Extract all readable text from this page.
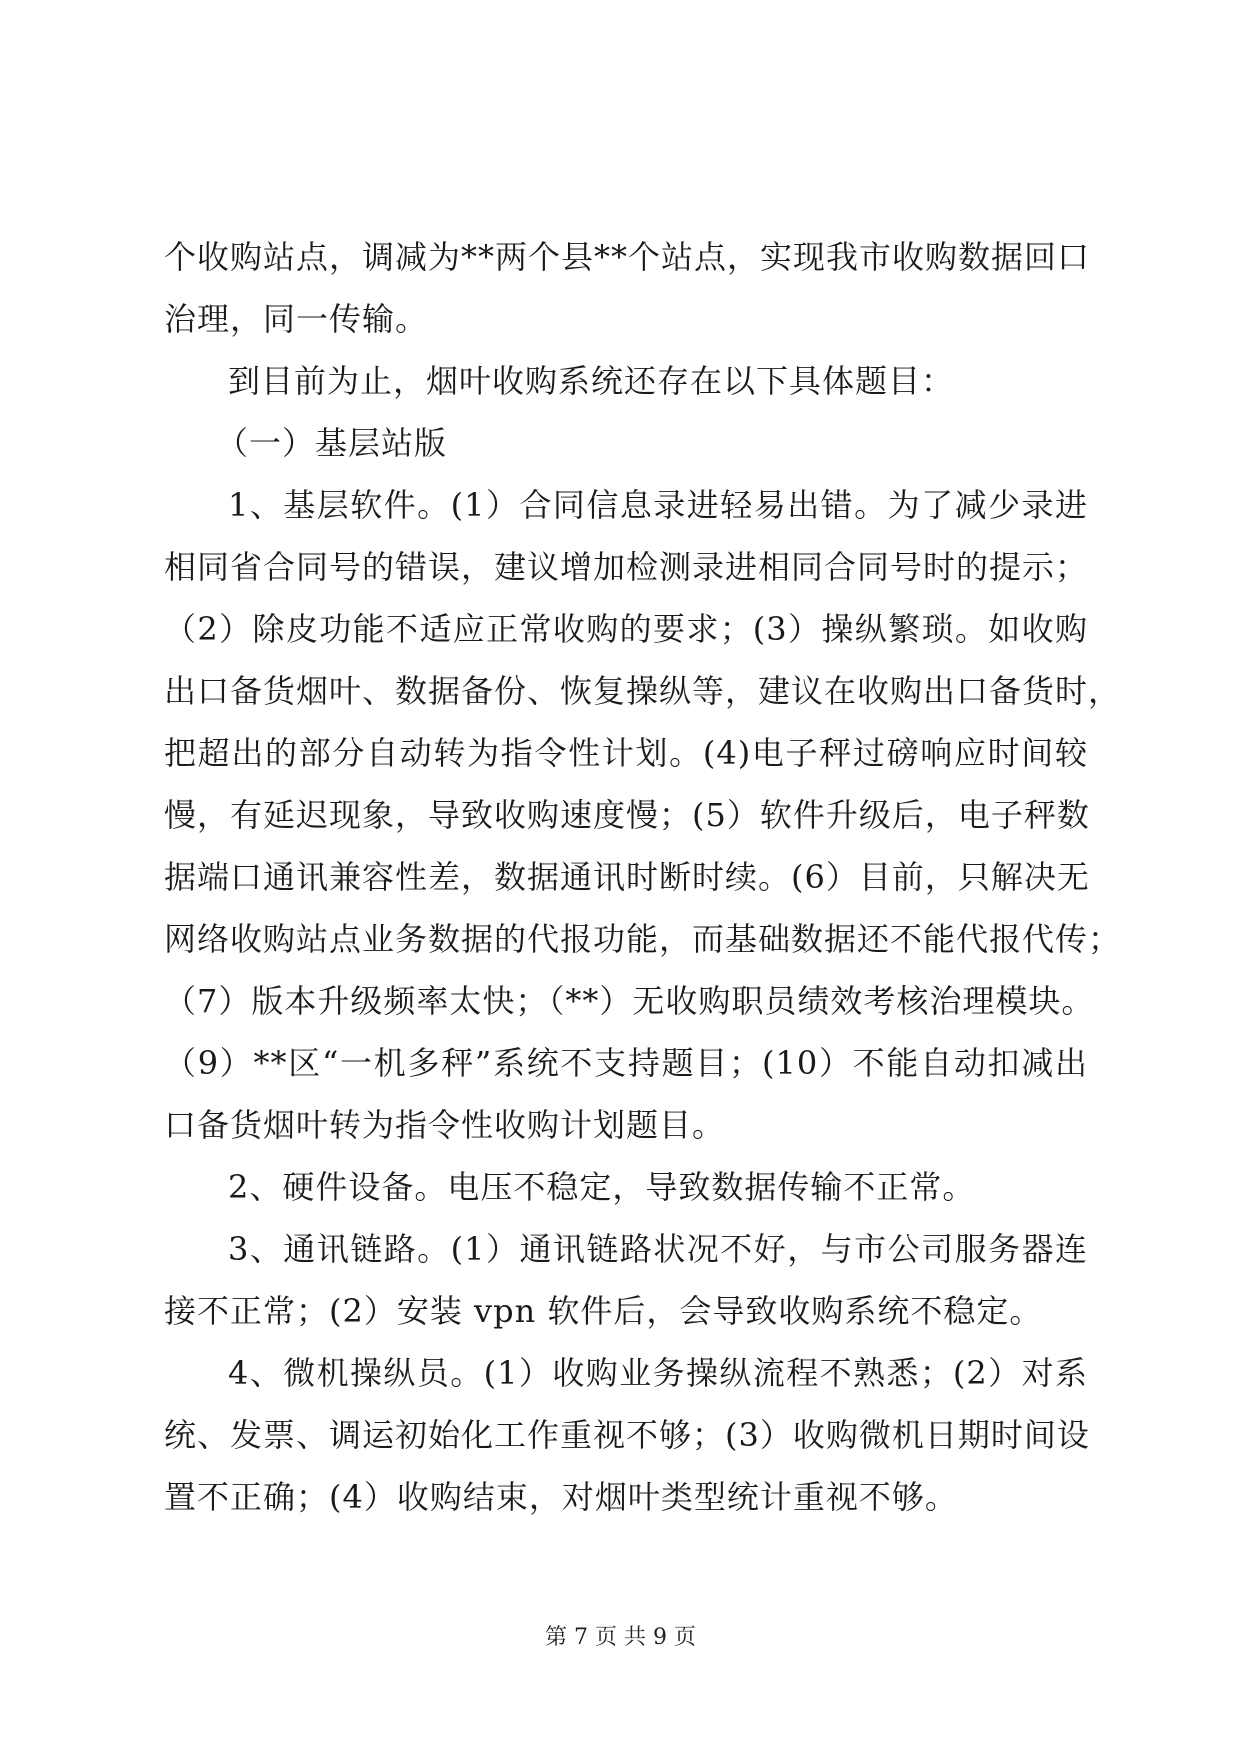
个收购站点，调减为**两个县**个站点，实现我市收购数据回口
治理，同一传输。
到目前为止，烟叶收购系统还存在以下具体题目：
（一）基层站版
1、基层软件。(1）合同信息录进轻易出错。为了减少录进
相同省合同号的错误，建议增加检测录进相同合同号时的提示；
（2）除皮功能不适应正常收购的要求；(3）操纵繁琐。如收购
出口备货烟叶、数据备份、恢复操纵等，建议在收购出口备货时，
把超出的部分自动转为指令性计划。(4)电子秤过磅响应时间较
慢，有延迟现象，导致收购速度慢；(5）软件升级后，电子秤数
据端口通讯兼容性差，数据通讯时断时续。(6）目前，只解决无
网络收购站点业务数据的代报功能，而基础数据还不能代报代传；
（7）版本升级频率太快；（**）无收购职员绩效考核治理模块。
（9）**区“一机多秤”系统不支持题目；(10）不能自动扣减出
口备货烟叶转为指令性收购计划题目。
2、硬件设备。电压不稳定，导致数据传输不正常。
3、通讯链路。(1）通讯链路状况不好，与市公司服务器连
接不正常；(2）安装 vpn 软件后，会导致收购系统不稳定。
4、微机操纵员。(1）收购业务操纵流程不熟悉；(2）对系
统、发票、调运初始化工作重视不够；(3）收购微机日期时间设
置不正确；(4）收购结束，对烟叶类型统计重视不够。
第 7 页 共 9 页
